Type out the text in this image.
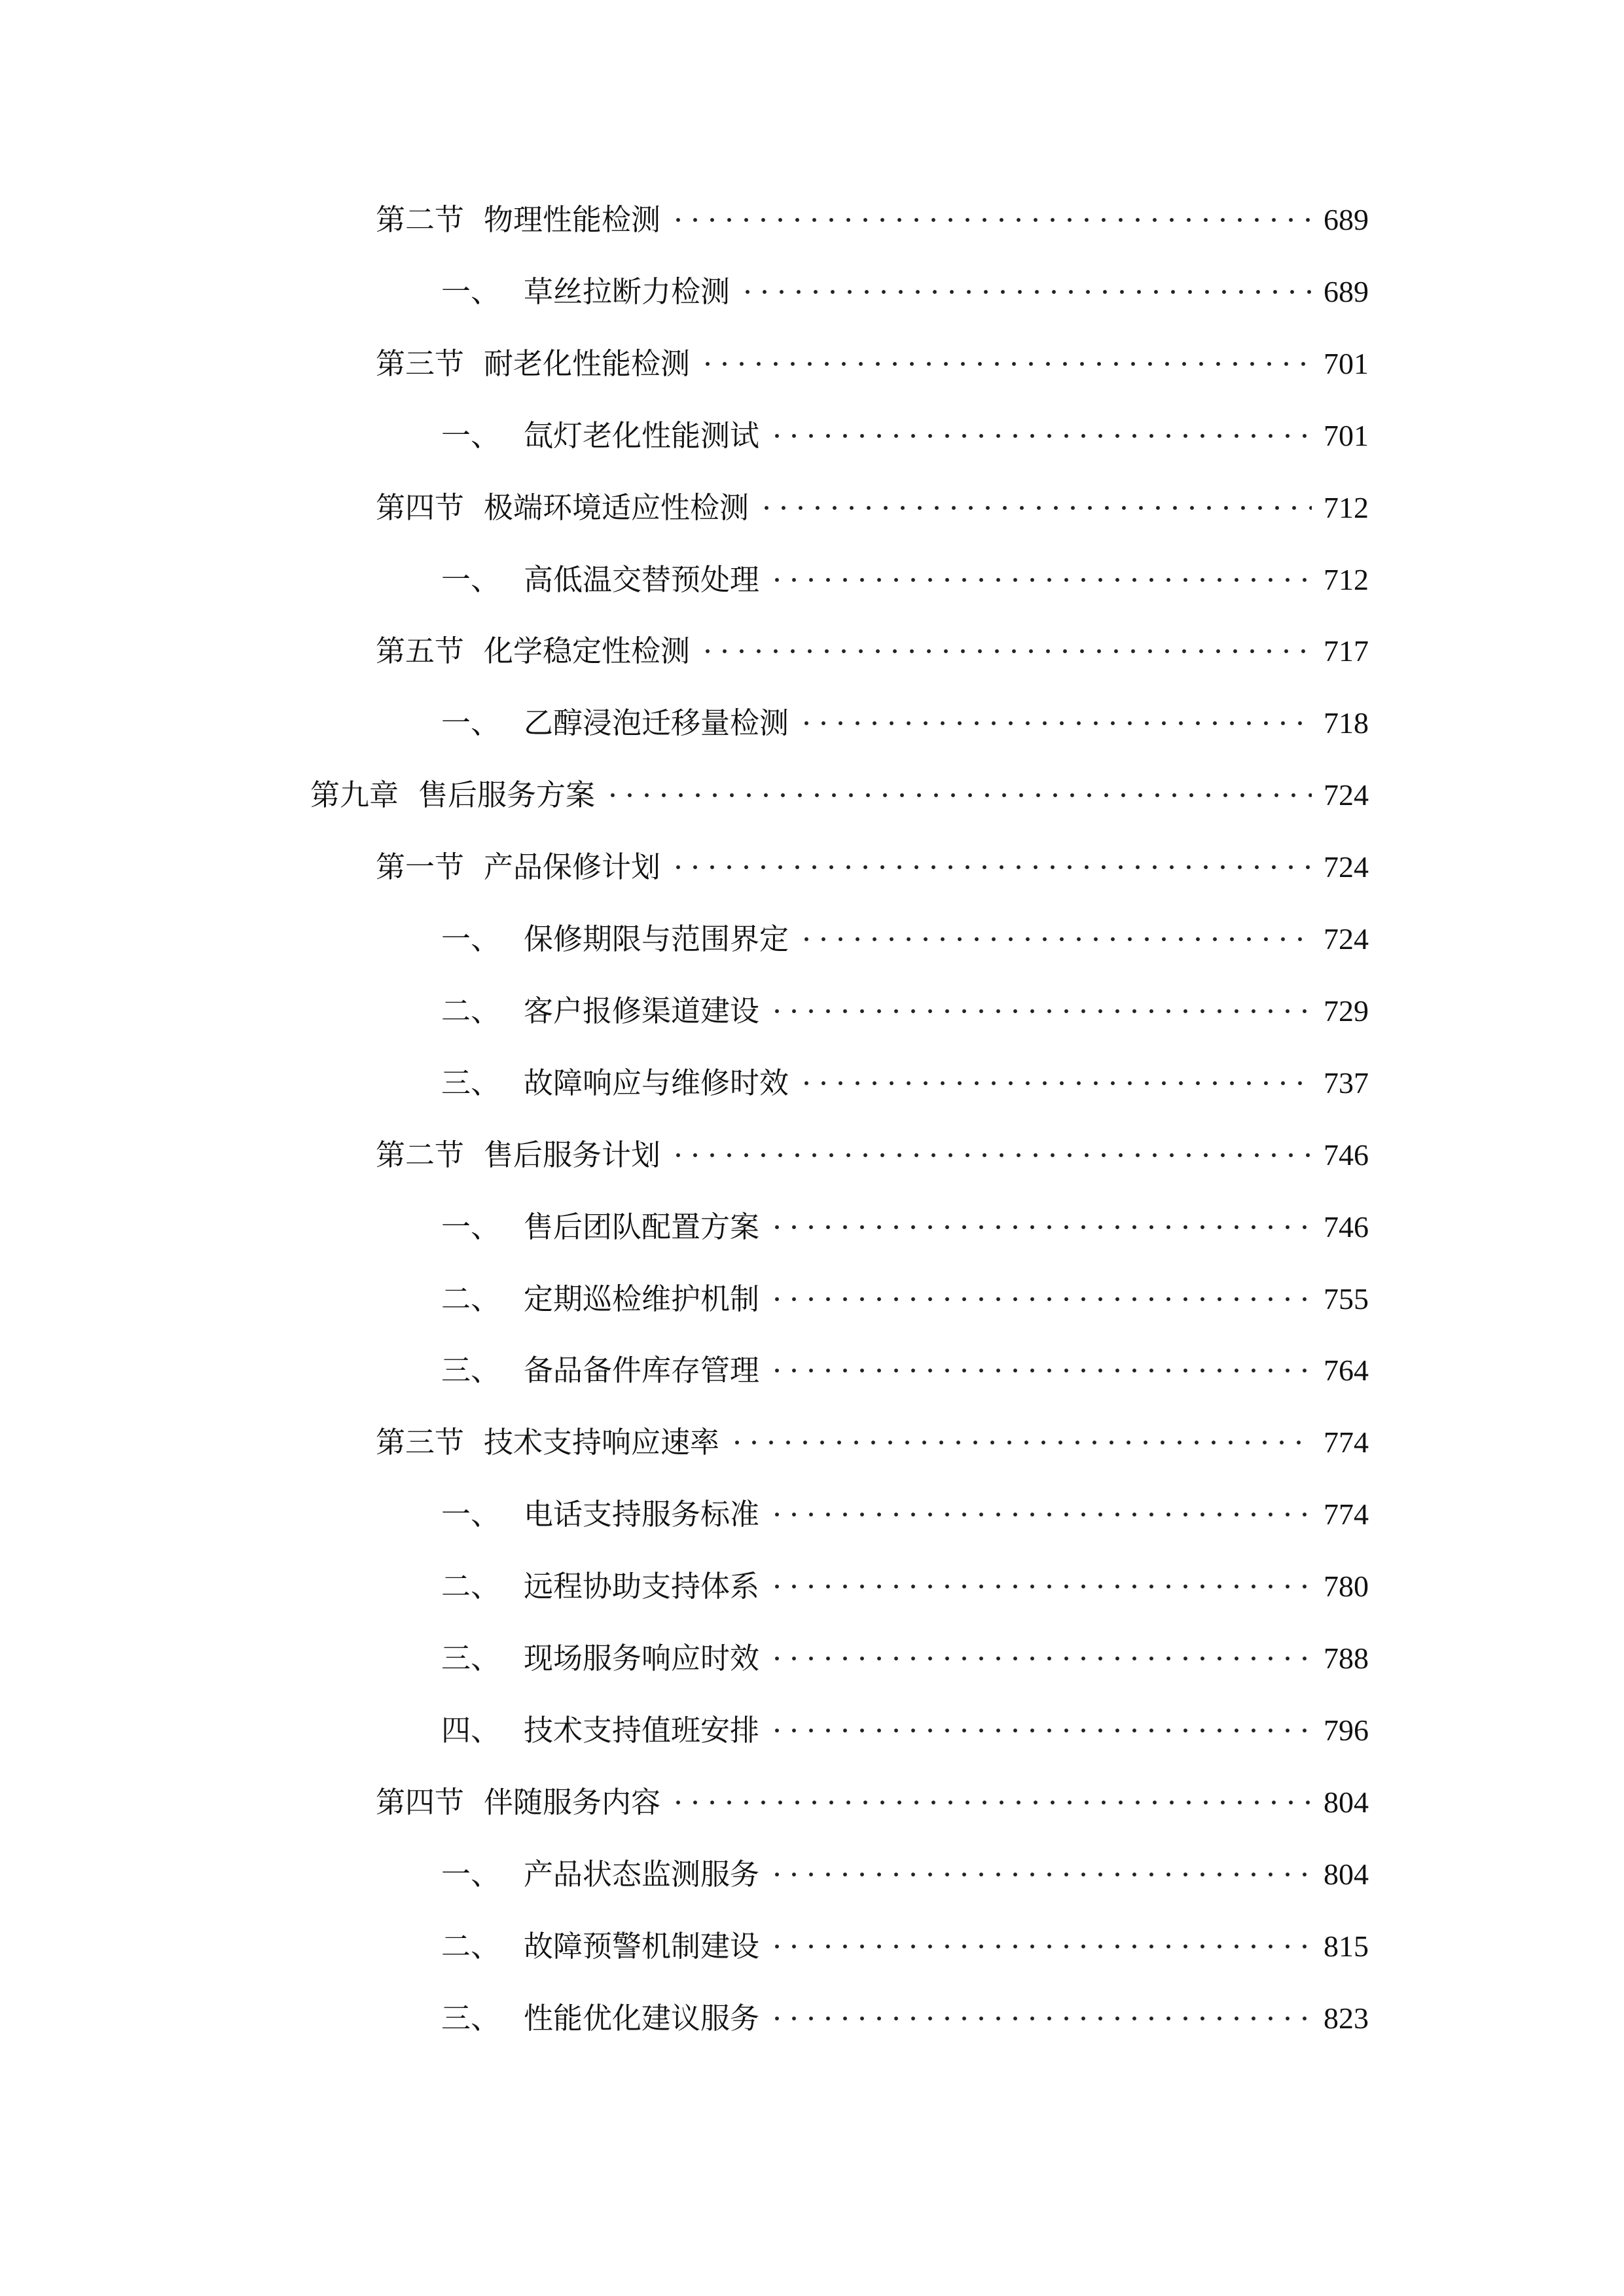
第二节 物理性能检测	689
一、 草丝拉断力检测	689
第三节 耐老化性能检测	701
一、 氙灯老化性能测试	701
第四节 极端环境适应性检测	712
一、 高低温交替预处理	712
第五节 化学稳定性检测	717
一、 乙醇浸泡迁移量检测	718
第九章 售后服务方案	724
第一节 产品保修计划	724
一、 保修期限与范围界定	724
二、 客户报修渠道建设	729
三、 故障响应与维修时效	737
第二节 售后服务计划	746
一、 售后团队配置方案	746
二、 定期巡检维护机制	755
三、 备品备件库存管理	764
第三节 技术支持响应速率	774
一、 电话支持服务标准	774
二、 远程协助支持体系	780
三、 现场服务响应时效	788
四、 技术支持值班安排	796
第四节 伴随服务内容	804
一、 产品状态监测服务	804
二、 故障预警机制建设	815
三、 性能优化建议服务	823
